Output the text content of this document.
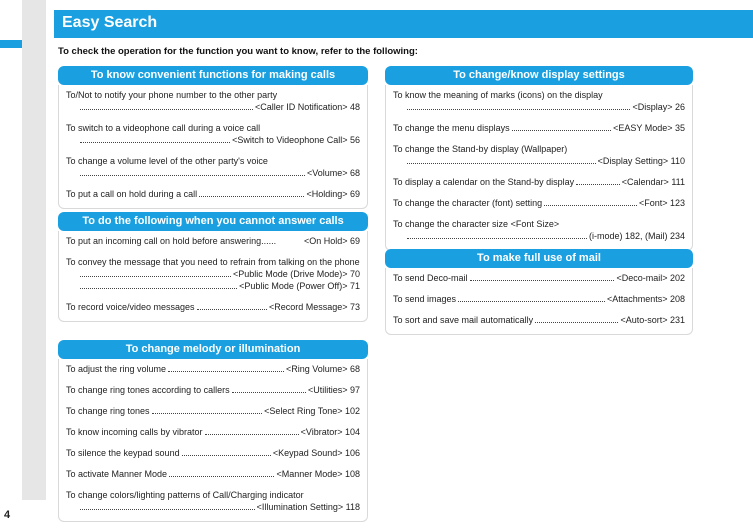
4
Easy Search
To check the operation for the function you want to know, refer to the following:
To know convenient functions for making calls
To/Not to notify your phone number to the other party
<Caller ID Notification> 48
To switch to a videophone call during a voice call
<Switch to Videophone Call> 56
To change a volume level of the other party's voice
<Volume> 68
To put a call on hold during a call	<Holding> 69
To do the following when you cannot answer calls
To put an incoming call on hold before answering......	<On Hold> 69
To convey the message that you need to refrain from talking on the phone
<Public Mode (Drive Mode)> 70
<Public Mode (Power Off)> 71
To record voice/video messages	<Record Message> 73
To change melody or illumination
To adjust the ring volume	<Ring Volume> 68
To change ring tones according to callers	<Utilities> 97
To change ring tones	<Select Ring Tone> 102
To know incoming calls by vibrator	<Vibrator> 104
To silence the keypad sound	<Keypad Sound> 106
To activate Manner Mode	<Manner Mode> 108
To change colors/lighting patterns of Call/Charging indicator
<Illumination Setting> 118
To change/know display settings
To know the meaning of marks (icons) on the display
<Display> 26
To change the menu displays	<EASY Mode> 35
To change the Stand-by display (Wallpaper)
<Display Setting> 110
To display a calendar on the Stand-by display	<Calendar> 111
To change the character (font) setting	<Font> 123
To change the character size <Font Size>
(i-mode) 182, (Mail) 234
To make full use of mail
To send Deco-mail	<Deco-mail> 202
To send images	<Attachments> 208
To sort and save mail automatically	<Auto-sort> 231
